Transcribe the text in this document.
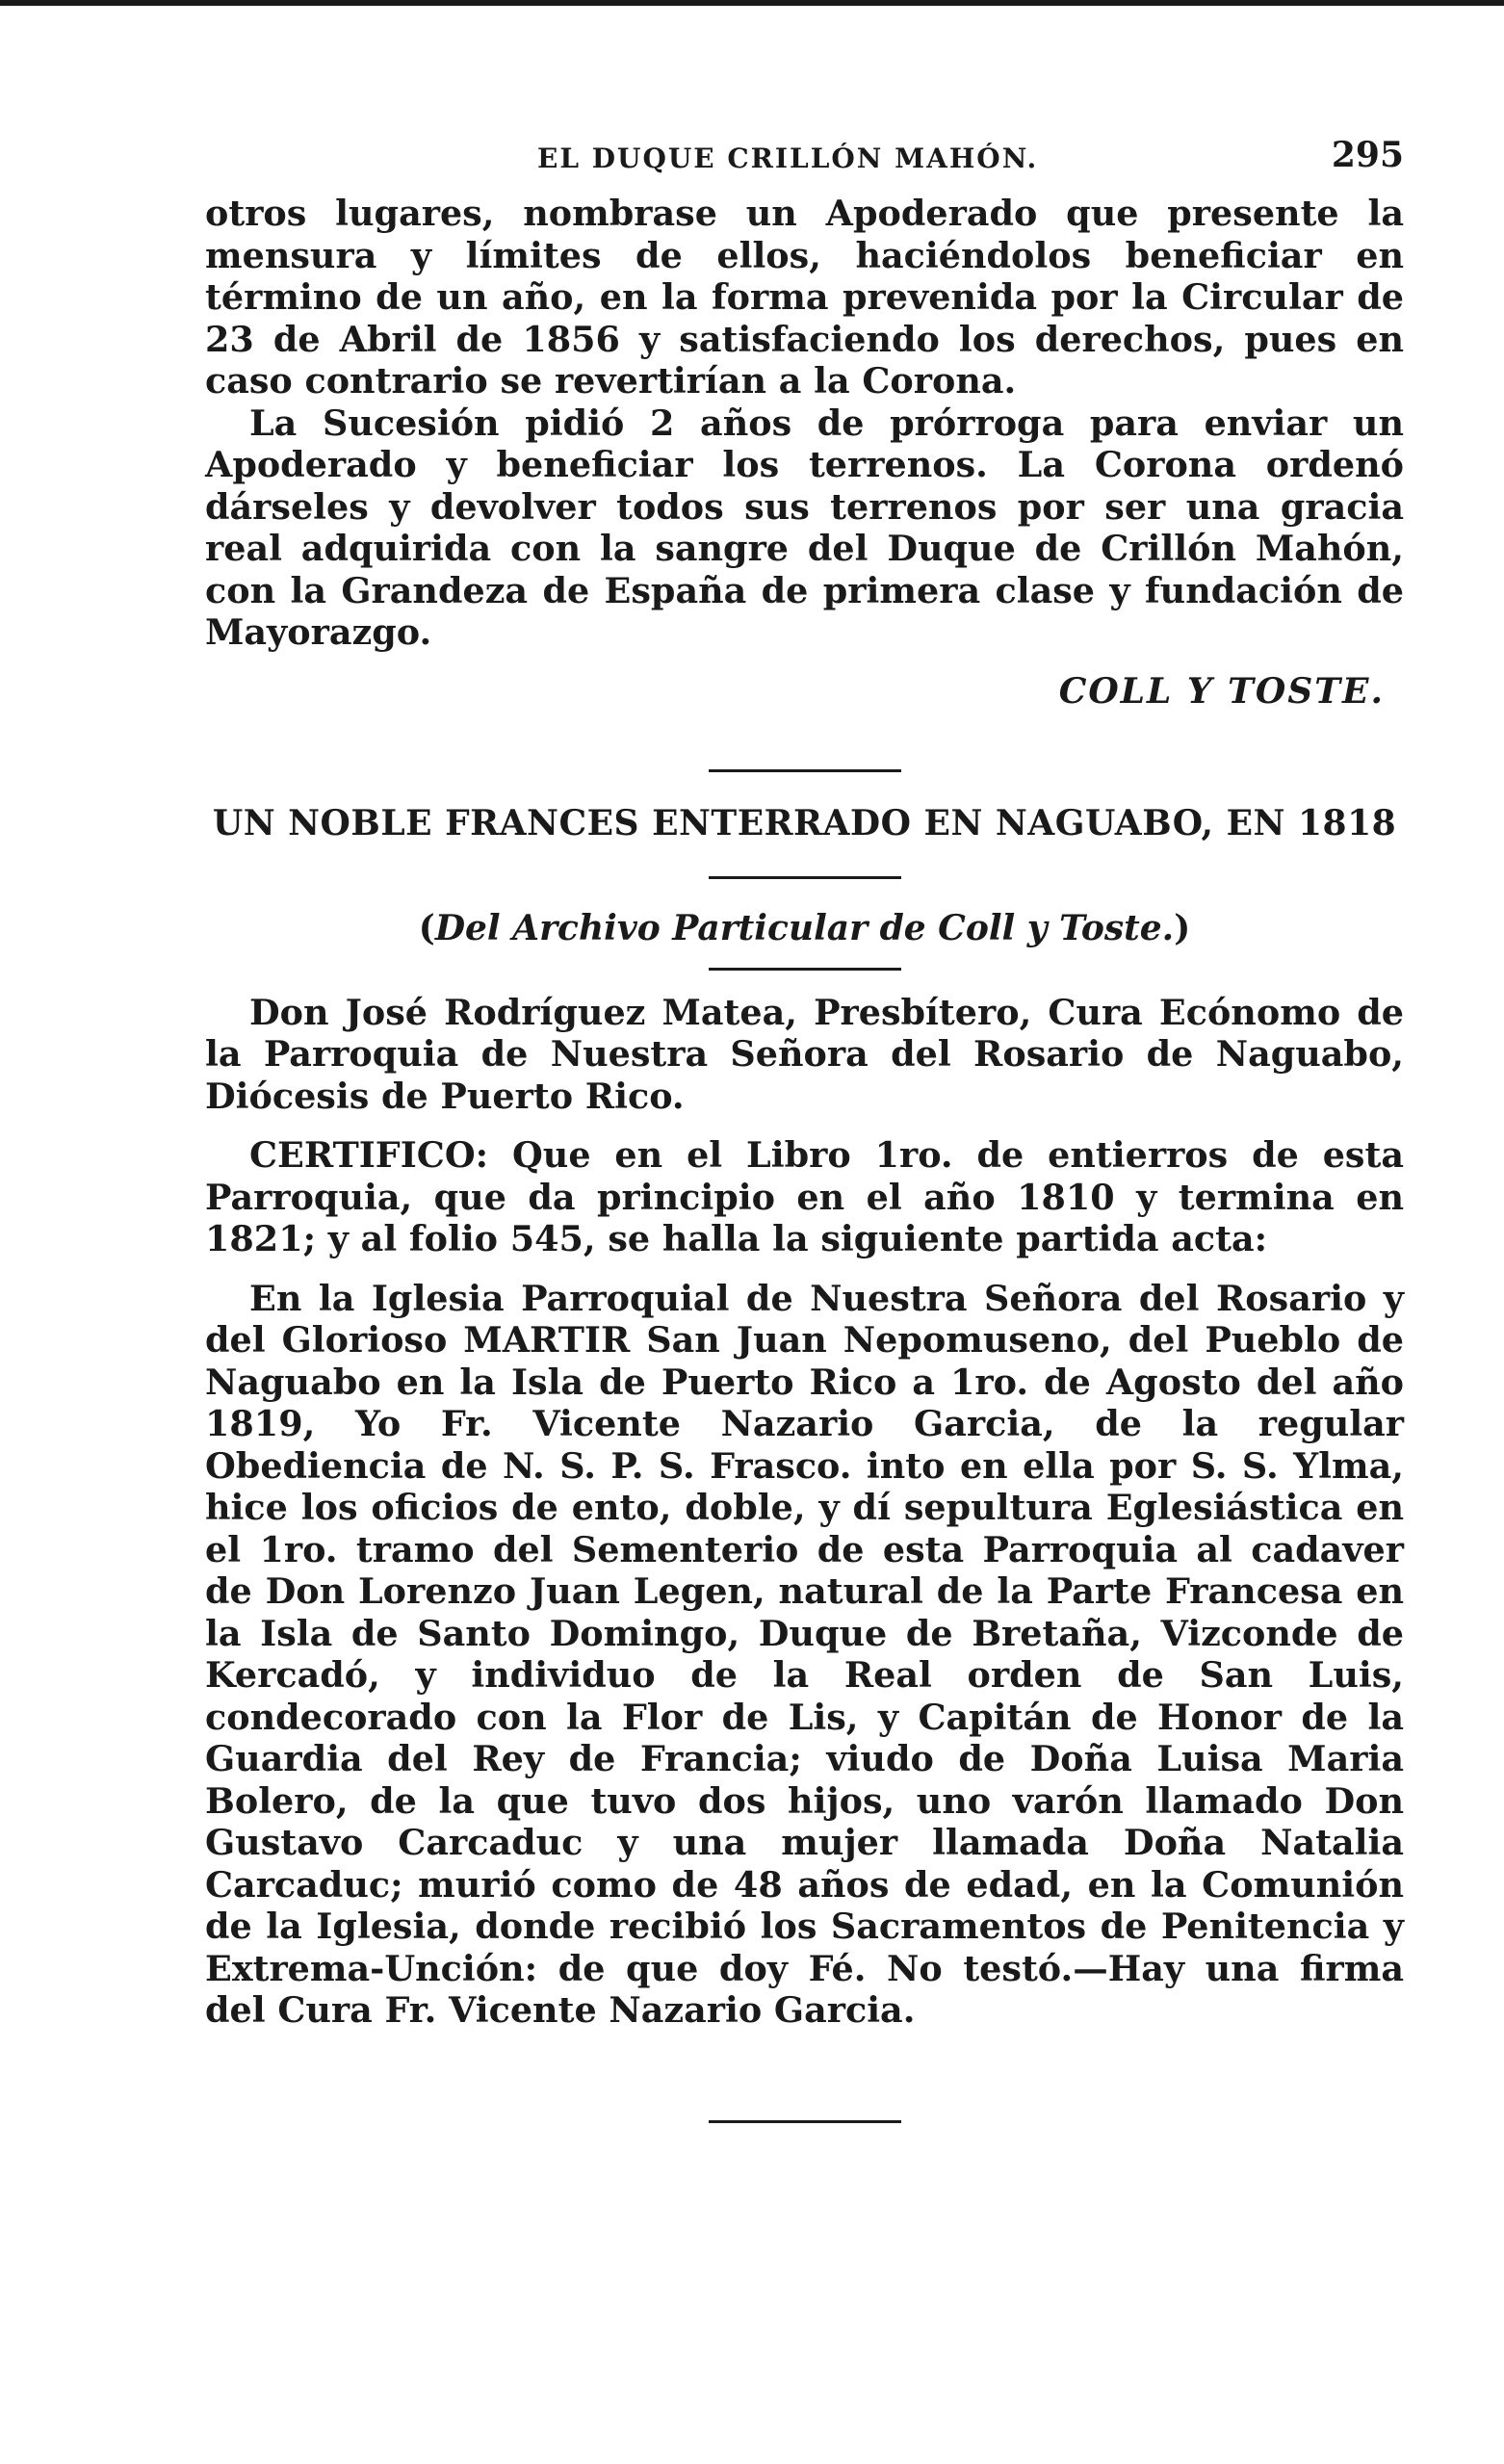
EL DUQUE CRILLÓN MAHÓN.	295

otros lugares, nombrase un Apoderado que presente la mensura y límites de ellos, haciéndolos beneficiar en término de un año, en la forma prevenida por la Circular de 23 de Abril de 1856 y satisfaciendo los derechos, pues en caso contrario se revertirían a la Corona.

La Sucesión pidió 2 años de prórroga para enviar un Apoderado y beneficiar los terrenos. La Corona ordenó dárseles y devolver todos sus terrenos por ser una gracia real adquirida con la sangre del Duque de Crillón Mahón, con la Grandeza de España de primera clase y fundación de Mayorazgo.

COLL Y TOSTE.
UN NOBLE FRANCES ENTERRADO EN NAGUABO, EN 1818
(Del Archivo Particular de Coll y Toste.)

Don José Rodríguez Matea, Presbítero, Cura Ecónomo de la Parroquia de Nuestra Señora del Rosario de Naguabo, Diócesis de Puerto Rico.

CERTIFICO: Que en el Libro 1ro. de entierros de esta Parroquia, que da principio en el año 1810 y termina en 1821; y al folio 545, se halla la siguiente partida acta:

En la Iglesia Parroquial de Nuestra Señora del Rosario y del Glorioso MARTIR San Juan Nepomuseno, del Pueblo de Naguabo en la Isla de Puerto Rico a 1ro. de Agosto del año 1819, Yo Fr. Vicente Nazario Garcia, de la regular Obediencia de N. S. P. S. Frasco. into en ella por S. S. Ylma, hice los oficios de ento, doble, y dí sepultura Eglesiástica en el 1ro. tramo del Sementerio de esta Parroquia al cadaver de Don Lorenzo Juan Legen, natural de la Parte Francesa en la Isla de Santo Domingo, Duque de Bretaña, Vizconde de Kercadó, y individuo de la Real orden de San Luis, condecorado con la Flor de Lis, y Capitán de Honor de la Guardia del Rey de Francia; viudo de Doña Luisa Maria Bolero, de la que tuvo dos hijos, uno varón llamado Don Gustavo Carcaduc y una mujer llamada Doña Natalia Carcaduc; murió como de 48 años de edad, en la Comunión de la Iglesia, donde recibió los Sacramentos de Penitencia y Extrema-Unción: de que doy Fé. No testó.—Hay una firma del Cura Fr. Vicente Nazario Garcia.
